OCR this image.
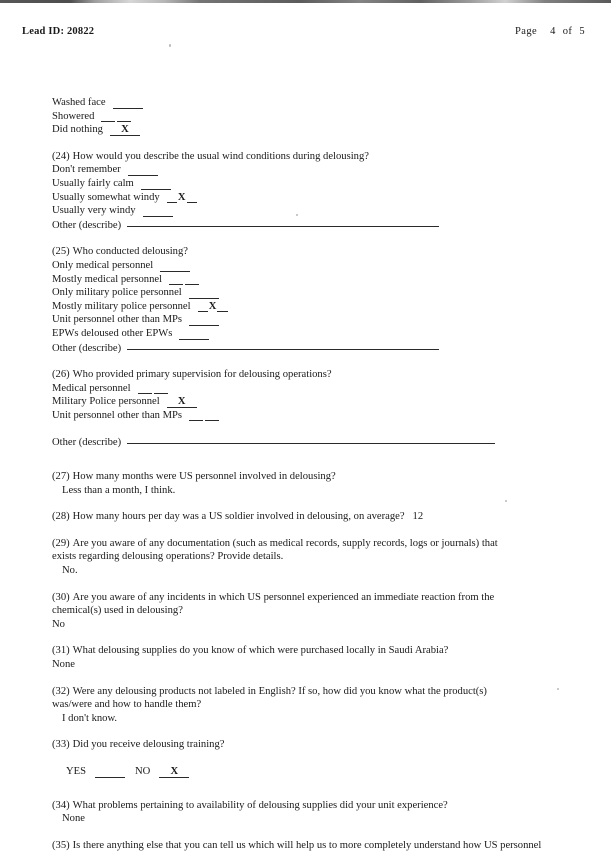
Lead ID: 20822	Page 4 of 5
Washed face
Showered
Did nothing X
(24) How would you describe the usual wind conditions during delousing?
Don't remember
Usually fairly calm
Usually somewhat windy X
Usually very windy
Other (describe)
(25) Who conducted delousing?
Only medical personnel
Mostly medical personnel
Only military police personnel
Mostly military police personnel X
Unit personnel other than MPs
EPWs deloused other EPWs
Other (describe)
(26) Who provided primary supervision for delousing operations?
Medical personnel
Military Police personnel X
Unit personnel other than MPs
Other (describe)
(27) How many months were US personnel involved in delousing?
Less than a month, I think.
(28) How many hours per day was a US soldier involved in delousing, on average? 12
(29) Are you aware of any documentation (such as medical records, supply records, logs or journals) that exists regarding delousing operations? Provide details.
No.
(30) Are you aware of any incidents in which US personnel experienced an immediate reaction from the chemical(s) used in delousing?
No
(31) What delousing supplies do you know of which were purchased locally in Saudi Arabia?
None
(32) Were any delousing products not labeled in English? If so, how did you know what the product(s) was/were and how to handle them?
I don't know.
(33) Did you receive delousing training?
YES	NO X
(34) What problems pertaining to availability of delousing supplies did your unit experience?
None
(35) Is there anything else that you can tell us which will help us to more completely understand how US personnel
